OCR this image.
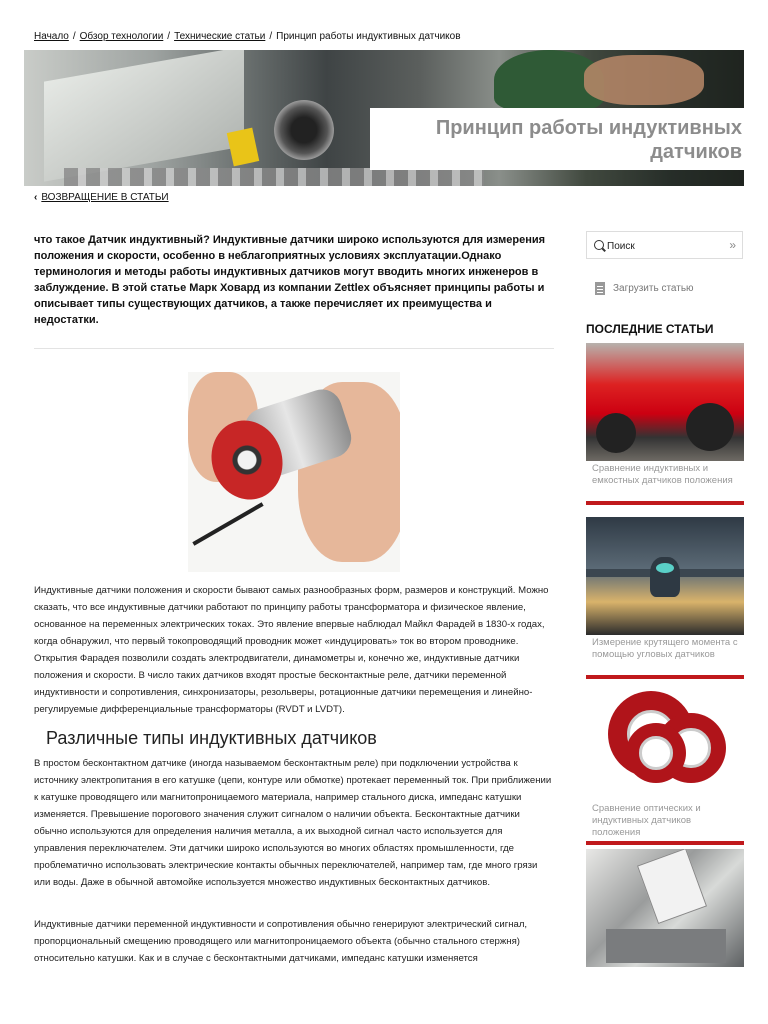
Начало / Обзор технологии / Технические статьи / Принцип работы индуктивных датчиков
Принцип работы индуктивных датчиков
‹ ВОЗВРАЩЕНИЕ В СТАТЬИ
что такое Датчик индуктивный? Индуктивные датчики широко используются для измерения положения и скорости, особенно в неблагоприятных условиях эксплуатации.Однако терминология и методы работы индуктивных датчиков могут вводить многих инженеров в заблуждение. В этой статье Марк Ховард из компании Zettlex объясняет принципы работы и описывает типы существующих датчиков, а также перечисляет их преимущества и недостатки.

Индуктивные датчики положения и скорости бывают самых разнообразных форм, размеров и конструкций. Можно сказать, что все индуктивные датчики работают по принципу работы трансформатора и физическое явление, основанное на переменных электрических токах. Это явление впервые наблюдал Майкл Фарадей в 1830-х годах, когда обнаружил, что первый токопроводящий проводник может «индуцировать» ток во втором проводнике. Открытия Фарадея позволили создать электродвигатели, динамометры и, конечно же, индуктивные датчики положения и скорости. В число таких датчиков входят простые бесконтактные реле, датчики переменной индуктивности и сопротивления, синхронизаторы, резольверы, ротационные датчики перемещения и линейно-регулируемые дифференциальные трансформаторы (RVDT и LVDT).

Различные типы индуктивных датчиков

В простом бесконтактном датчике (иногда называемом бесконтактным реле) при подключении устройства к источнику электропитания в его катушке (цепи, контуре или обмотке) протекает переменный ток. При приближении к катушке проводящего или магнитопроницаемого материала, например стального диска, импеданс катушки изменяется. Превышение порогового значения служит сигналом о наличии объекта. Бесконтактные датчики обычно используются для определения наличия металла, а их выходной сигнал часто используется для управления переключателем. Эти датчики широко используются во многих областях промышленности, где проблематично использовать электрические контакты обычных переключателей, например там, где много грязи или воды. Даже в обычной автомойке используется множество индуктивных бесконтактных датчиков.

Индуктивные датчики переменной индуктивности и сопротивления обычно генерируют электрический сигнал, пропорциональный смещению проводящего или магнитопроницаемого объекта (обычно стального стержня) относительно катушки. Как и в случае с бесконтактными датчиками, импеданс катушки изменяется

Поиск
»
Загрузить статью
ПОСЛЕДНИЕ СТАТЬИ
Сравнение индуктивных и емкостных датчиков положения
Измерение крутящего момента с помощью угловых датчиков
Сравнение оптических и индуктивных датчиков положения
